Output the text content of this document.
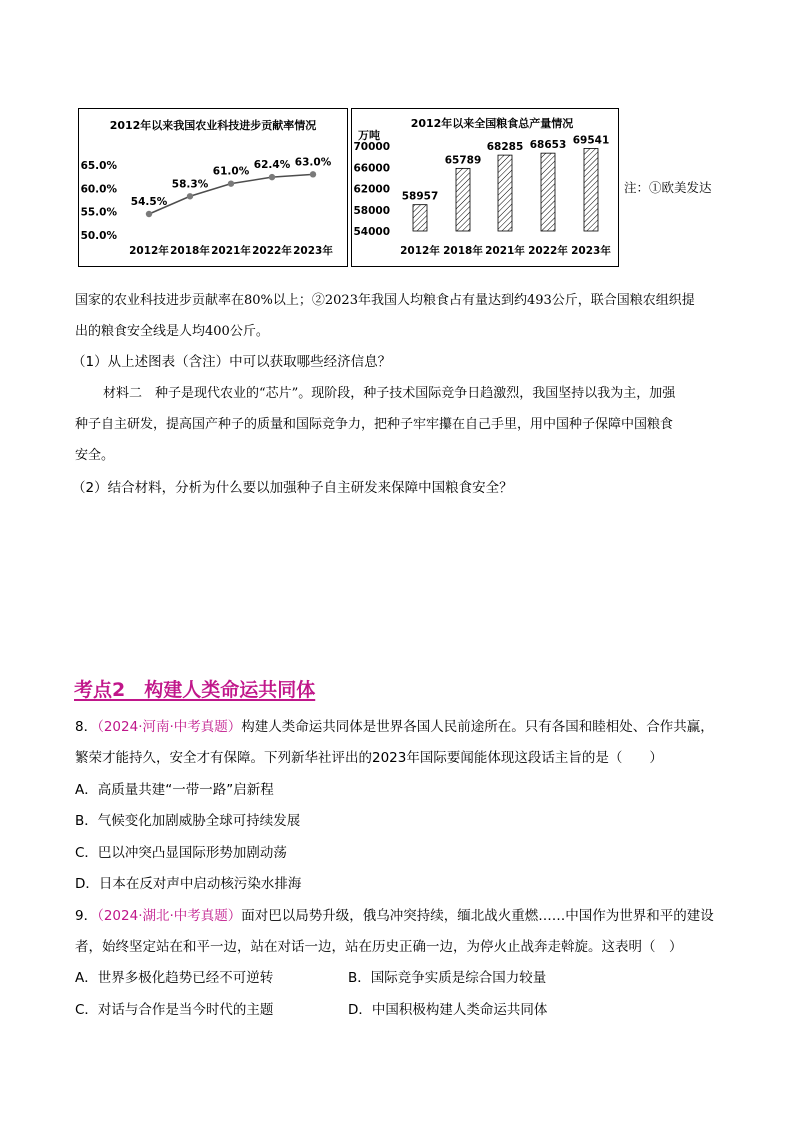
2012年以来我国农业科技进步贡献率情况
65.0%
60.0%
55.0%
50.0%
54.5%
58.3%
61.0%
62.4% 63.0%
2012年 2018年 2021年 2022年 2023年
2012年以来全国粮食总产量情况
万吨
70000
66000
62000
58000
54000
58957
65789
68285 68653 69541
2012年 2018年 2021年 2022年 2023年
注：①欧美发达
国家的农业科技进步贡献率在80%以上；②2023年我国人均粮食占有量达到约493公斤，联合国粮农组织提
出的粮食安全线是人均400公斤。
（1）从上述图表（含注）中可以获取哪些经济信息？
材料二　种子是现代农业的“芯片”。现阶段，种子技术国际竞争日趋激烈，我国坚持以我为主，加强
种子自主研发，提高国产种子的质量和国际竞争力，把种子牢牢攥在自己手里，用中国种子保障中国粮食
安全。
（2）结合材料，分析为什么要以加强种子自主研发来保障中国粮食安全？
考点2　构建人类命运共同体
8．（2024·河南·中考真题）构建人类命运共同体是世界各国人民前途所在。只有各国和睦相处、合作共赢，
繁荣才能持久，安全才有保障。下列新华社评出的2023年国际要闻能体现这段话主旨的是（　　）
A．高质量共建“一带一路”启新程
B．气候变化加剧威胁全球可持续发展
C．巴以冲突凸显国际形势加剧动荡
D．日本在反对声中启动核污染水排海
9．（2024·湖北·中考真题）面对巴以局势升级，俄乌冲突持续，缅北战火重燃……中国作为世界和平的建设
者，始终坚定站在和平一边，站在对话一边，站在历史正确一边，为停火止战奔走斡旋。这表明（　）
A．世界多极化趋势已经不可逆转	B．国际竞争实质是综合国力较量
C．对话与合作是当今时代的主题	D．中国积极构建人类命运共同体
